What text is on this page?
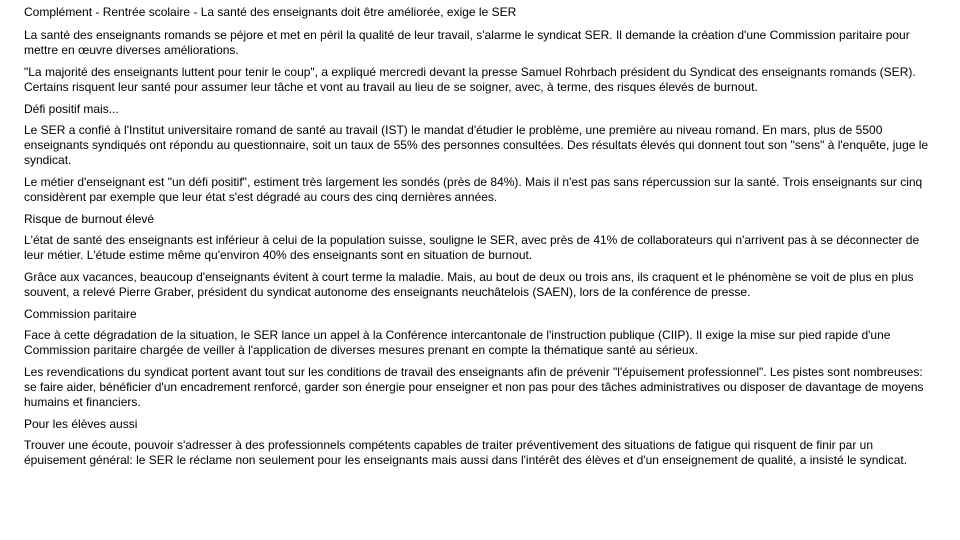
Complément - Rentrée scolaire - La santé des enseignants doit être améliorée, exige le SER

La santé des enseignants romands se péjore et met en péril la qualité de leur travail, s'alarme le syndicat SER. Il demande la création d'une Commission paritaire pour mettre en œuvre diverses améliorations.

"La majorité des enseignants luttent pour tenir le coup", a expliqué mercredi devant la presse Samuel Rohrbach président du Syndicat des enseignants romands (SER). Certains risquent leur santé pour assumer leur tâche et vont au travail au lieu de se soigner, avec, à terme, des risques élevés de burnout.

Défi positif mais...

Le SER a confié à l'Institut universitaire romand de santé au travail (IST) le mandat d'étudier le problème, une première au niveau romand. En mars, plus de 5500 enseignants syndiqués ont répondu au questionnaire, soit un taux de 55% des personnes consultées. Des résultats élevés qui donnent tout son "sens" à l'enquête, juge le syndicat.

Le métier d'enseignant est "un défi positif", estiment très largement les sondés (près de 84%). Mais il n'est pas sans répercussion sur la santé. Trois enseignants sur cinq considèrent par exemple que leur état s'est dégradé au cours des cinq dernières années.

Risque de burnout élevé

L'état de santé des enseignants est inférieur à celui de la population suisse, souligne le SER, avec près de 41% de collaborateurs qui n'arrivent pas à se déconnecter de leur métier. L'étude estime même qu'environ 40% des enseignants sont en situation de burnout.

Grâce aux vacances, beaucoup d'enseignants évitent à court terme la maladie. Mais, au bout de deux ou trois ans, ils craquent et le phénomène se voit de plus en plus souvent, a relevé Pierre Graber, président du syndicat autonome des enseignants neuchâtelois (SAEN), lors de la conférence de presse.

Commission paritaire

Face à cette dégradation de la situation, le SER lance un appel à la Conférence intercantonale de l'instruction publique (CIIP). Il exige la mise sur pied rapide d'une Commission paritaire chargée de veiller à l'application de diverses mesures prenant en compte la thématique santé au sérieux.

Les revendications du syndicat portent avant tout sur les conditions de travail des enseignants afin de prévenir "l'épuisement professionnel". Les pistes sont nombreuses: se faire aider, bénéficier d'un encadrement renforcé, garder son énergie pour enseigner et non pas pour des tâches administratives ou disposer de davantage de moyens humains et financiers.

Pour les élèves aussi

Trouver une écoute, pouvoir s'adresser à des professionnels compétents capables de traiter préventivement des situations de fatigue qui risquent de finir par un épuisement général: le SER le réclame non seulement pour les enseignants mais aussi dans l'intérêt des élèves et d'un enseignement de qualité, a insisté le syndicat.
